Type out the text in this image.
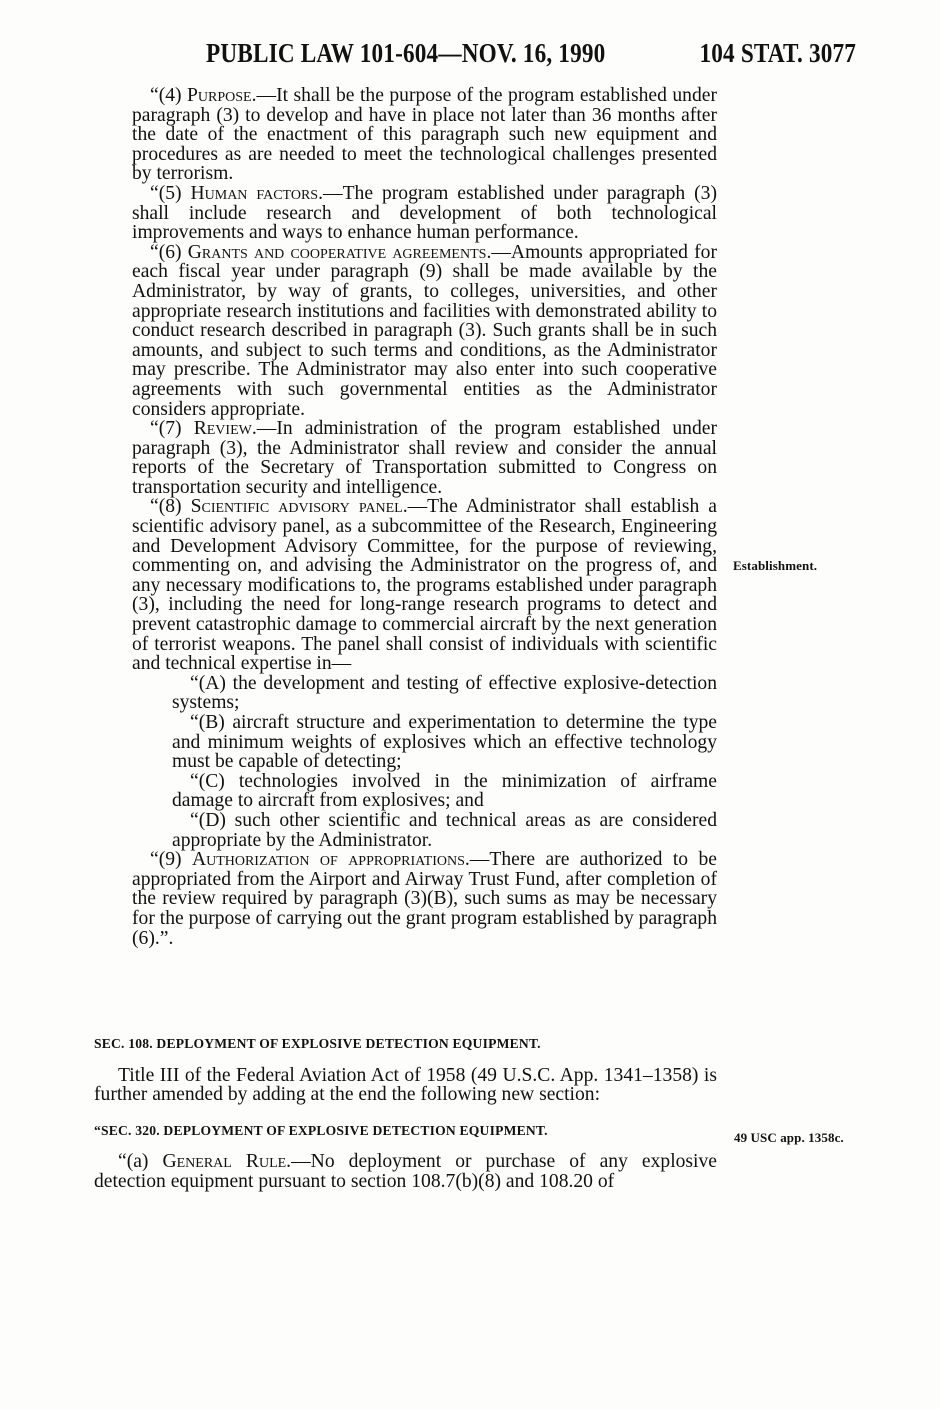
PUBLIC LAW 101-604—NOV. 16, 1990	104 STAT. 3077

“(4) Purpose.—It shall be the purpose of the program established under paragraph (3) to develop and have in place not later than 36 months after the date of the enactment of this paragraph such new equipment and procedures as are needed to meet the technological challenges presented by terrorism.

“(5) Human factors.—The program established under paragraph (3) shall include research and development of both technological improvements and ways to enhance human performance.

“(6) Grants and cooperative agreements.—Amounts appropriated for each fiscal year under paragraph (9) shall be made available by the Administrator, by way of grants, to colleges, universities, and other appropriate research institutions and facilities with demonstrated ability to conduct research described in paragraph (3). Such grants shall be in such amounts, and subject to such terms and conditions, as the Administrator may prescribe. The Administrator may also enter into such cooperative agreements with such governmental entities as the Administrator considers appropriate.

“(7) Review.—In administration of the program established under paragraph (3), the Administrator shall review and consider the annual reports of the Secretary of Transportation submitted to Congress on transportation security and intelligence.

“(8) Scientific advisory panel.—The Administrator shall establish a scientific advisory panel, as a subcommittee of the Research, Engineering and Development Advisory Committee, for the purpose of reviewing, commenting on, and advising the Administrator on the progress of, and any necessary modifications to, the programs established under paragraph (3), including the need for long-range research programs to detect and prevent catastrophic damage to commercial aircraft by the next generation of terrorist weapons. The panel shall consist of individuals with scientific and technical expertise in—

“(A) the development and testing of effective explosive-detection systems;

“(B) aircraft structure and experimentation to determine the type and minimum weights of explosives which an effective technology must be capable of detecting;

“(C) technologies involved in the minimization of airframe damage to aircraft from explosives; and

“(D) such other scientific and technical areas as are considered appropriate by the Administrator.

“(9) Authorization of appropriations.—There are authorized to be appropriated from the Airport and Airway Trust Fund, after completion of the review required by paragraph (3)(B), such sums as may be necessary for the purpose of carrying out the grant program established by paragraph (6).”.

SEC. 108. DEPLOYMENT OF EXPLOSIVE DETECTION EQUIPMENT.

Title III of the Federal Aviation Act of 1958 (49 U.S.C. App. 1341–1358) is further amended by adding at the end the following new section:

“SEC. 320. DEPLOYMENT OF EXPLOSIVE DETECTION EQUIPMENT.

“(a) General Rule.—No deployment or purchase of any explosive detection equipment pursuant to section 108.7(b)(8) and 108.20 of

Establishment.
49 USC app. 1358c.
